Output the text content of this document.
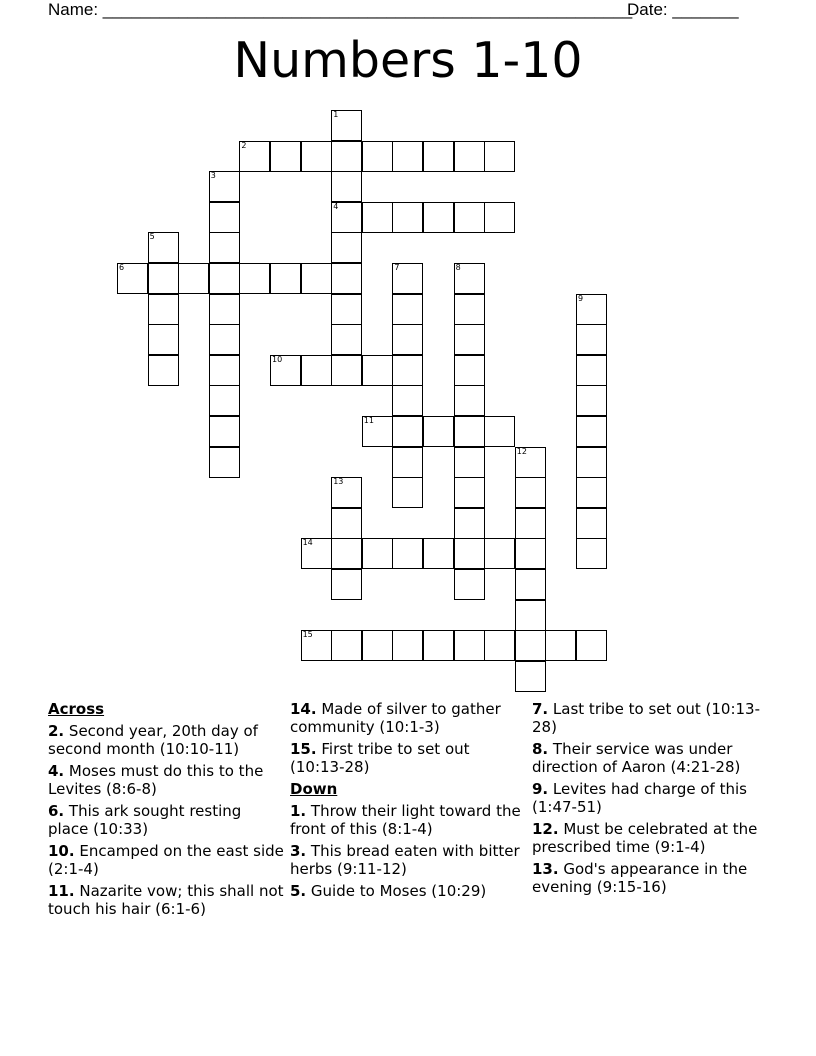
Name: ________________________________________________________
Date: _______
Numbers 1-10
1
4
2
3
5
6	7	8
9
10
11
12
13
14
15
Across
2. Second year, 20th day of second month (10:10-11)
4. Moses must do this to the Levites (8:6-8)
6. This ark sought resting place (10:33)
10. Encamped on the east side (2:1-4)
11. Nazarite vow; this shall not touch his hair (6:1-6)
14. Made of silver to gather community (10:1-3)
15. First tribe to set out (10:13-28)
Down
1. Throw their light toward the front of this (8:1-4)
3. This bread eaten with bitter herbs (9:11-12)
5. Guide to Moses (10:29)
7. Last tribe to set out (10:13-28)
8. Their service was under direction of Aaron (4:21-28)
9. Levites had charge of this (1:47-51)
12. Must be celebrated at the prescribed time (9:1-4)
13. God's appearance in the evening (9:15-16)
